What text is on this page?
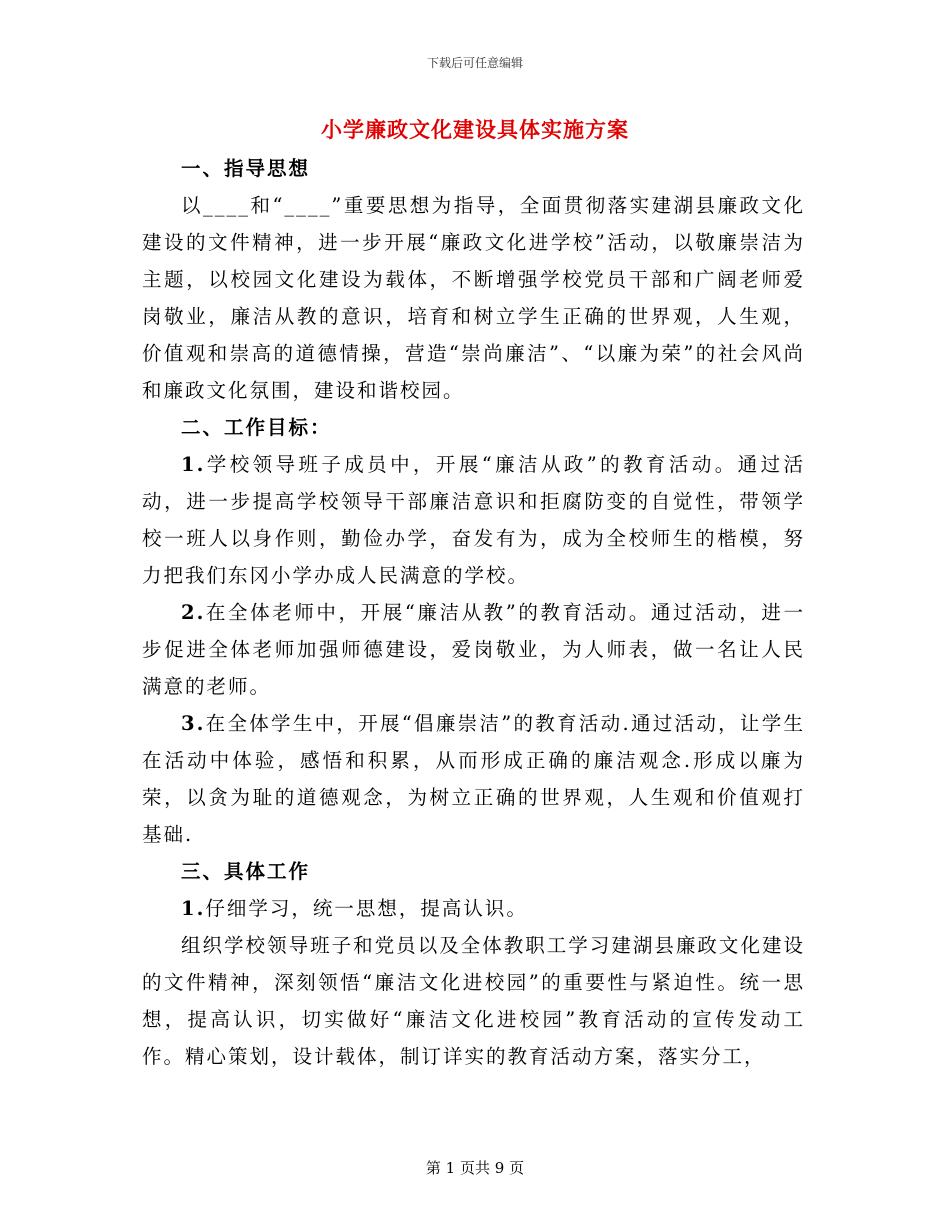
下载后可任意编辑
小学廉政文化建设具体实施方案
一、指导思想

以____和“____”重要思想为指导，全面贯彻落实建湖县廉政文化建设的文件精神，进一步开展“廉政文化进学校”活动，以敬廉崇洁为主题，以校园文化建设为载体，不断增强学校党员干部和广阔老师爱岗敬业，廉洁从教的意识，培育和树立学生正确的世界观，人生观，价值观和崇高的道德情操，营造“崇尚廉洁”、“以廉为荣”的社会风尚和廉政文化氛围，建设和谐校园。

二、工作目标：

1.学校领导班子成员中，开展“廉洁从政”的教育活动。通过活动，进一步提高学校领导干部廉洁意识和拒腐防变的自觉性，带领学校一班人以身作则，勤俭办学，奋发有为，成为全校师生的楷模，努力把我们东冈小学办成人民满意的学校。

2.在全体老师中，开展“廉洁从教”的教育活动。通过活动，进一步促进全体老师加强师德建设，爱岗敬业，为人师表，做一名让人民满意的老师。

3.在全体学生中，开展“倡廉崇洁”的教育活动.通过活动，让学生在活动中体验，感悟和积累，从而形成正确的廉洁观念.形成以廉为荣，以贪为耻的道德观念，为树立正确的世界观，人生观和价值观打基础.

三、具体工作

1.仔细学习，统一思想，提高认识。

组织学校领导班子和党员以及全体教职工学习建湖县廉政文化建设的文件精神，深刻领悟“廉洁文化进校园”的重要性与紧迫性。统一思想，提高认识，切实做好“廉洁文化进校园”教育活动的宣传发动工作。精心策划，设计载体，制订详实的教育活动方案，落实分工，

第 1 页共 9 页
